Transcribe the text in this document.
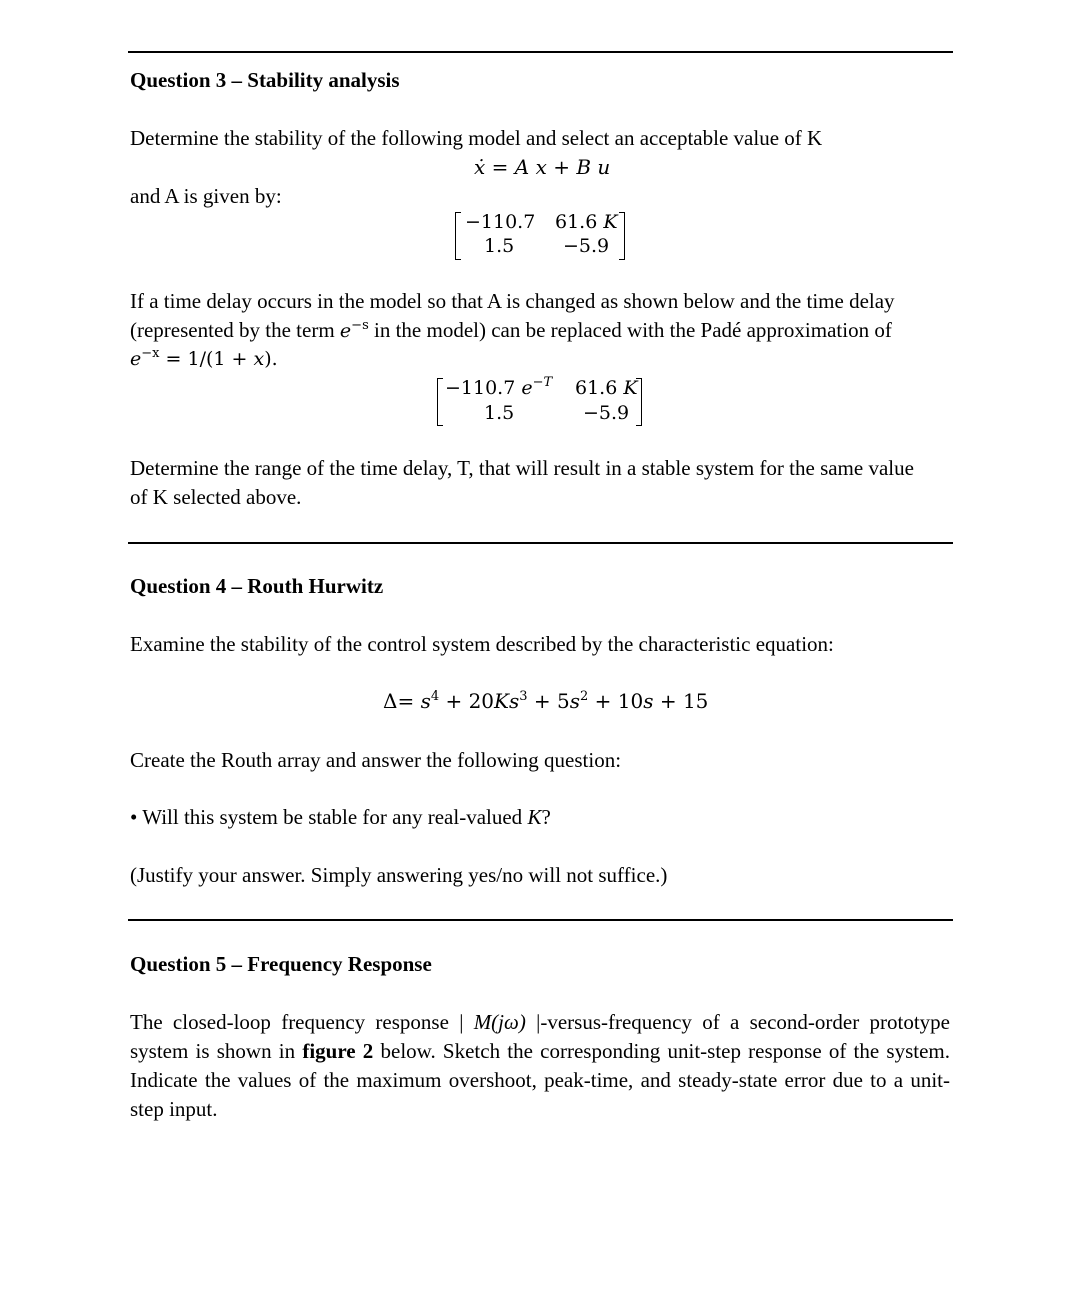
Question 3 – Stability analysis
Determine the stability of the following model and select an acceptable value of K
ẋ = A x + B u
and A is given by:
−110.7 61.6 K
1.5	−5.9
If a time delay occurs in the model so that A is changed as shown below and the time delay
(represented by the term $e^{-s}$ in the model) can be replaced with the Padé approximation of
$e^{-x} = 1/(1 + x)$.
−110.7 $e^{-T}$ 61.6 K
1.5	−5.9
Determine the range of the time delay, T, that will result in a stable system for the same value
of K selected above.
Question 4 – Routh Hurwitz
Examine the stability of the control system described by the characteristic equation:
$\Delta= s^4 + 20Ks^3 + 5s^2 + 10s + 15$
Create the Routh array and answer the following question:
• Will this system be stable for any real-valued K?
(Justify your answer. Simply answering yes/no will not suffice.)
Question 5 – Frequency Response
The closed-loop frequency response | M(jω) |-versus-frequency of a second-order prototype system is shown in figure 2 below. Sketch the corresponding unit-step response of the system. Indicate the values of the maximum overshoot, peak-time, and steady-state error due to a unit-step input.
